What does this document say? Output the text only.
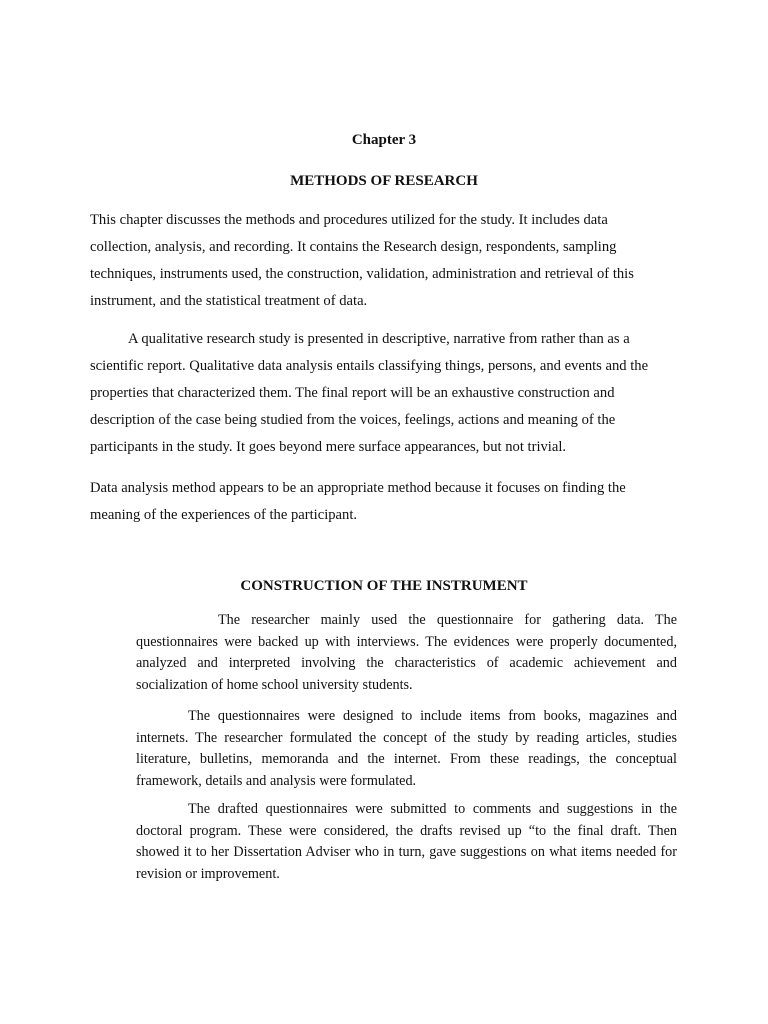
Chapter 3
METHODS OF RESEARCH

This chapter discusses the methods and procedures utilized for the study. It includes data collection, analysis, and recording. It contains the Research design, respondents, sampling techniques, instruments used, the construction, validation, administration and retrieval of this instrument, and the statistical treatment of data.

A qualitative research study is presented in descriptive, narrative from rather than as a scientific report. Qualitative data analysis entails classifying things, persons, and events and the properties that characterized them. The final report will be an exhaustive construction and description of the case being studied from the voices, feelings, actions and meaning of the participants in the study. It goes beyond mere surface appearances, but not trivial.

Data analysis method appears to be an appropriate method because it focuses on finding the meaning of the experiences of the participant.

CONSTRUCTION OF THE INSTRUMENT

The researcher mainly used the questionnaire for gathering data. The questionnaires were backed up with interviews. The evidences were properly documented, analyzed and interpreted involving the characteristics of academic achievement and socialization of home school university students.

The questionnaires were designed to include items from books, magazines and internets. The researcher formulated the concept of the study by reading articles, studies literature, bulletins, memoranda and the internet. From these readings, the conceptual framework, details and analysis were formulated.

The drafted questionnaires were submitted to comments and suggestions in the doctoral program. These were considered, the drafts revised up “to the final draft. Then showed it to her Dissertation Adviser who in turn, gave suggestions on what items needed for revision or improvement.
